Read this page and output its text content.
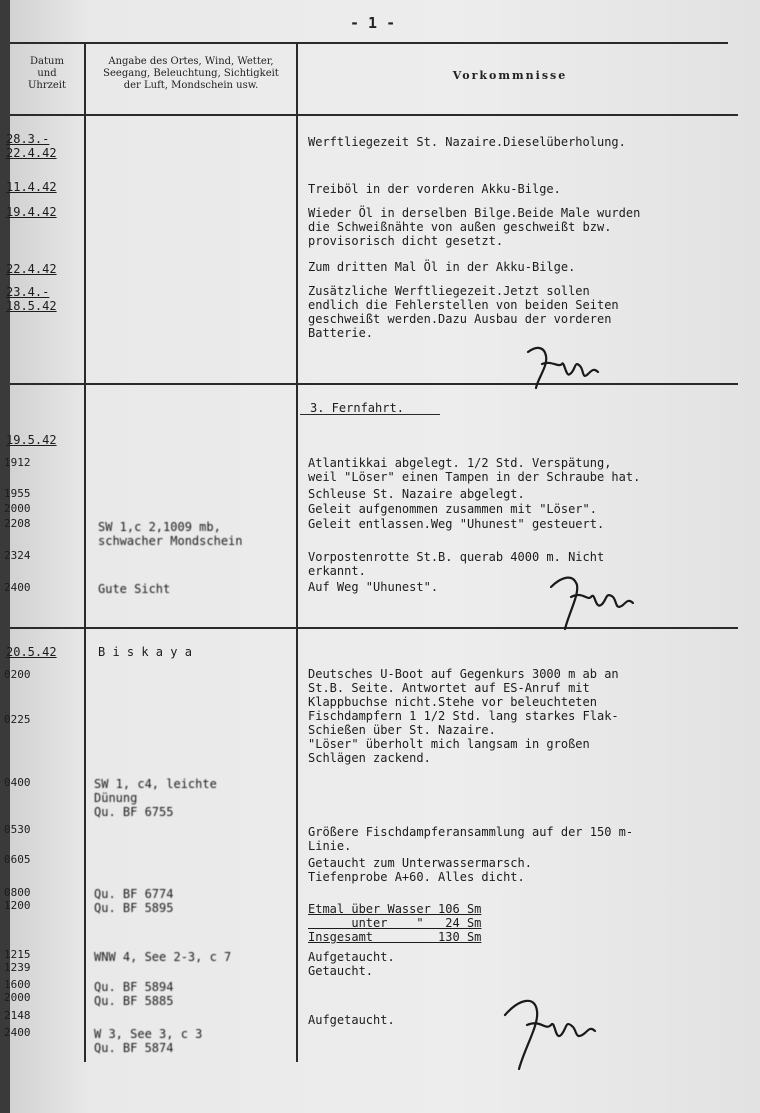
- 1 -
Datum
und
Uhrzeit
Angabe des Ortes, Wind, Wetter,
Seegang, Beleuchtung, Sichtigkeit
der Luft, Mondschein usw.
Vorkommnisse
28.3.-
22.4.42
11.4.42
19.4.42
22.4.42
23.4.-
18.5.42
19.5.42
1912
1955
2000
2208
2324
2400
20.5.42
0200
0225
0400
0530
0605
0800
1200
1215
1239
1600
2000
2148
2400
SW 1,c 2,1009 mb,
schwacher Mondschein
Gute Sicht
B i s k a y a
SW 1, c4, leichte
Dünung
Qu. BF 6755
Qu. BF 6774
Qu. BF 5895
WNW 4, See 2-3, c 7
Qu. BF 5894
Qu. BF 5885
W 3, See 3, c 3
Qu. BF 5874
Werftliegezeit St. Nazaire.Dieselüberholung.
Treiböl in der vorderen Akku-Bilge.
Wieder Öl in derselben Bilge.Beide Male wurden
die Schweißnähte von außen geschweißt bzw.
provisorisch dicht gesetzt.
Zum dritten Mal Öl in der Akku-Bilge.
Zusätzliche Werftliegezeit.Jetzt sollen
endlich die Fehlerstellen von beiden Seiten
geschweißt werden.Dazu Ausbau der vorderen
Batterie.
3. Fernfahrt.
Atlantikkai abgelegt. 1/2 Std. Verspätung,
weil "Löser" einen Tampen in der Schraube hat.
Schleuse St. Nazaire abgelegt.
Geleit aufgenommen zusammen mit "Löser".
Geleit entlassen.Weg "Uhunest" gesteuert.
Vorpostenrotte St.B. querab 4000 m. Nicht
erkannt.
Auf Weg "Uhunest".
Deutsches U-Boot auf Gegenkurs 3000 m ab an
St.B. Seite. Antwortet auf ES-Anruf mit
Klappbuchse nicht.Stehe vor beleuchteten
Fischdampfern 1 1/2 Std. lang starkes Flak-
Schießen über St. Nazaire.
"Löser" überholt mich langsam in großen
Schlägen zackend.
Größere Fischdampferansammlung auf der 150 m-
Linie.
Getaucht zum Unterwassermarsch.
Tiefenprobe A+60. Alles dicht.
Etmal über Wasser 106 Sm
unter    "   24 Sm
Insgesamt         130 Sm
Aufgetaucht.
Getaucht.
Aufgetaucht.
